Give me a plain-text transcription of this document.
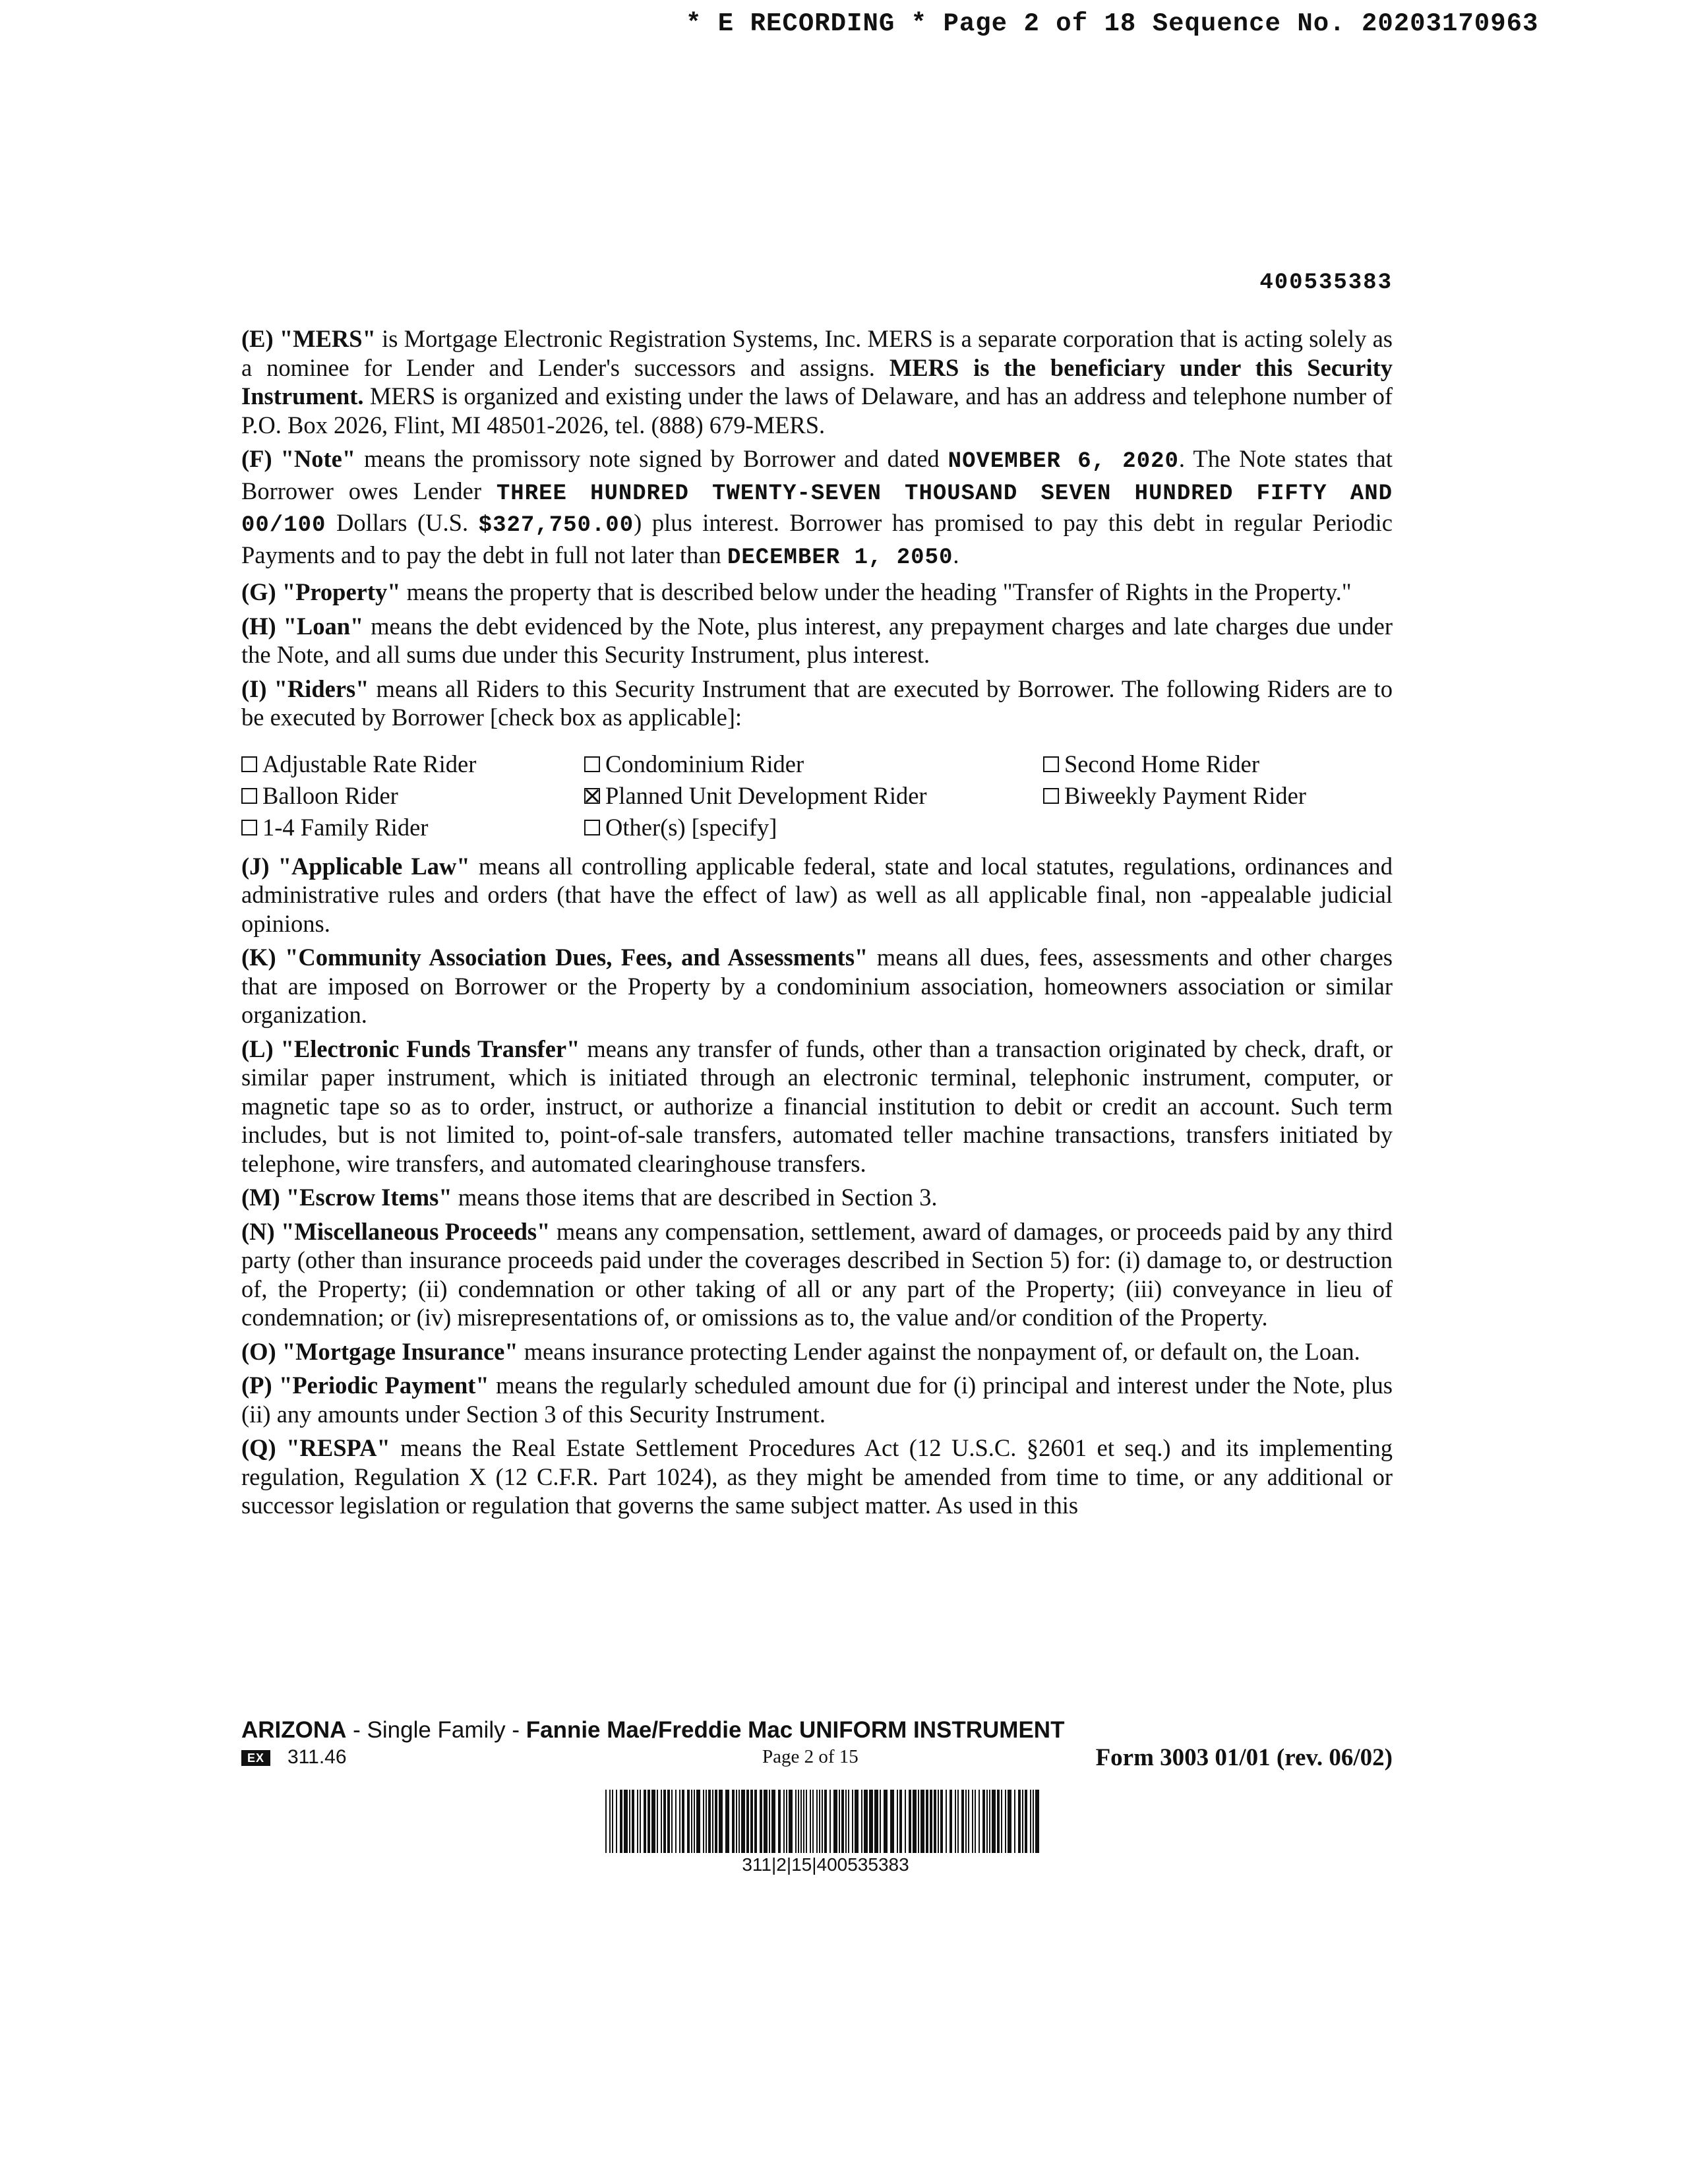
* E RECORDING * Page 2 of 18 Sequence No. 20203170963
400535383

(E) "MERS" is Mortgage Electronic Registration Systems, Inc. MERS is a separate corporation that is acting solely as a nominee for Lender and Lender's successors and assigns. MERS is the beneficiary under this Security Instrument. MERS is organized and existing under the laws of Delaware, and has an address and telephone number of P.O. Box 2026, Flint, MI 48501-2026, tel. (888) 679-MERS.

(F) "Note" means the promissory note signed by Borrower and dated NOVEMBER 6, 2020. The Note states that Borrower owes Lender THREE HUNDRED TWENTY-SEVEN THOUSAND SEVEN HUNDRED FIFTY AND 00/100 Dollars (U.S. $327,750.00) plus interest. Borrower has promised to pay this debt in regular Periodic Payments and to pay the debt in full not later than DECEMBER 1, 2050.

(G) "Property" means the property that is described below under the heading "Transfer of Rights in the Property."

(H) "Loan" means the debt evidenced by the Note, plus interest, any prepayment charges and late charges due under the Note, and all sums due under this Security Instrument, plus interest.

(I) "Riders" means all Riders to this Security Instrument that are executed by Borrower. The following Riders are to be executed by Borrower [check box as applicable]:

Adjustable Rate Rider	Condominium Rider	Second Home Rider
Balloon Rider	Planned Unit Development Rider	Biweekly Payment Rider
1-4 Family Rider	Other(s) [specify]

(J) "Applicable Law" means all controlling applicable federal, state and local statutes, regulations, ordinances and administrative rules and orders (that have the effect of law) as well as all applicable final, non -appealable judicial opinions.

(K) "Community Association Dues, Fees, and Assessments" means all dues, fees, assessments and other charges that are imposed on Borrower or the Property by a condominium association, homeowners association or similar organization.

(L) "Electronic Funds Transfer" means any transfer of funds, other than a transaction originated by check, draft, or similar paper instrument, which is initiated through an electronic terminal, telephonic instrument, computer, or magnetic tape so as to order, instruct, or authorize a financial institution to debit or credit an account. Such term includes, but is not limited to, point-of-sale transfers, automated teller machine transactions, transfers initiated by telephone, wire transfers, and automated clearinghouse transfers.

(M) "Escrow Items" means those items that are described in Section 3.

(N) "Miscellaneous Proceeds" means any compensation, settlement, award of damages, or proceeds paid by any third party (other than insurance proceeds paid under the coverages described in Section 5) for: (i) damage to, or destruction of, the Property; (ii) condemnation or other taking of all or any part of the Property; (iii) conveyance in lieu of condemnation; or (iv) misrepresentations of, or omissions as to, the value and/or condition of the Property.

(O) "Mortgage Insurance" means insurance protecting Lender against the nonpayment of, or default on, the Loan.

(P) "Periodic Payment" means the regularly scheduled amount due for (i) principal and interest under the Note, plus (ii) any amounts under Section 3 of this Security Instrument.

(Q) "RESPA" means the Real Estate Settlement Procedures Act (12 U.S.C. §2601 et seq.) and its implementing regulation, Regulation X (12 C.F.R. Part 1024), as they might be amended from time to time, or any additional or successor legislation or regulation that governs the same subject matter. As used in this

ARIZONA - Single Family - Fannie Mae/Freddie Mac UNIFORM INSTRUMENT
EX	311.46	Page 2 of 15	Form 3003 01/01 (rev. 06/02)
311|2|15|400535383
